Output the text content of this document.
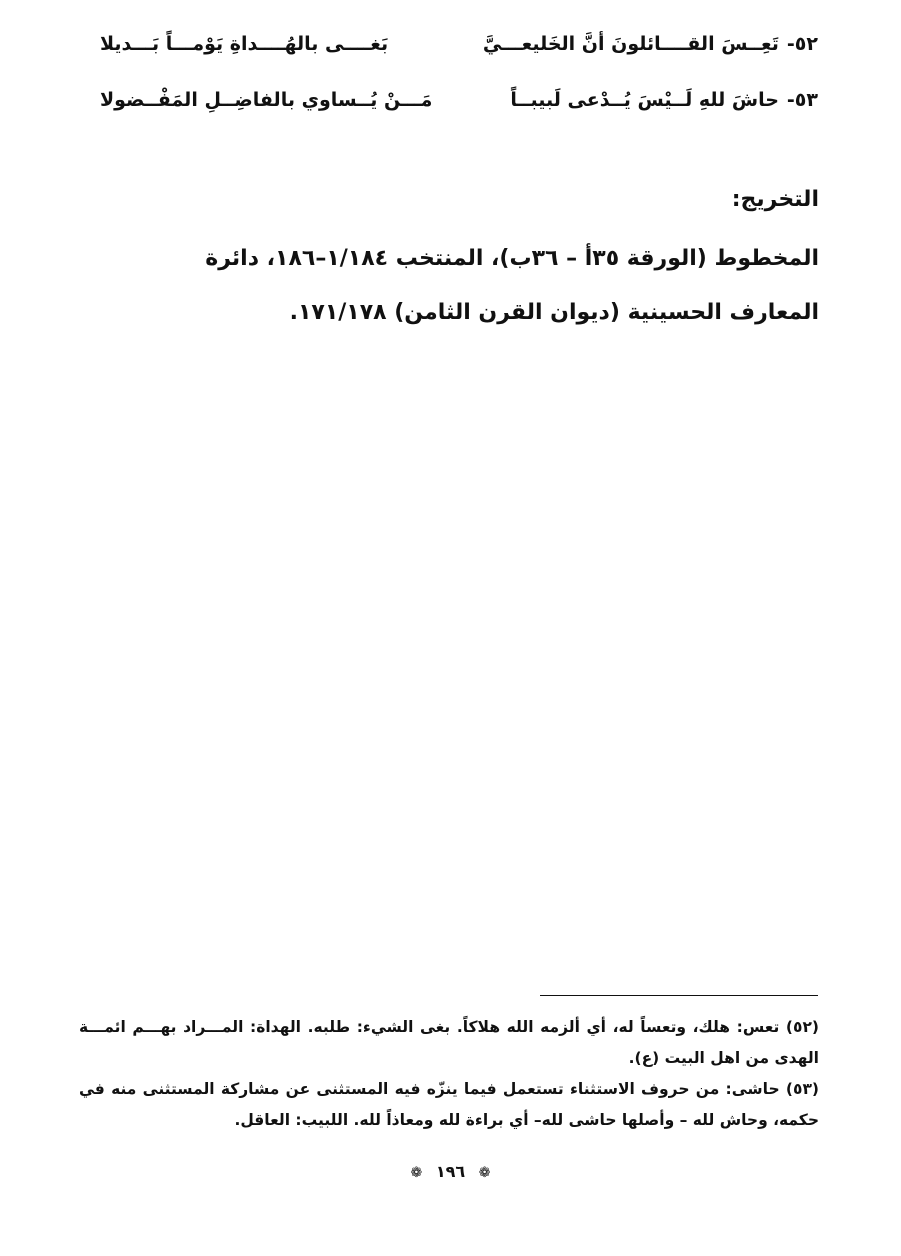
٥٢-
تَعِــسَ القــــائلونَ أنَّ الخَليعـــيَّ
بَغــــى بالهُــــداةِ يَوْمـــاً بَـــديلا
٥٣-
حاشَ للهِ لَــيْسَ يُــدْعى لَبيبــاً
مَـــنْ يُــساوي بالفاضِــلِ المَفْــضولا
التخريج:
المخطوط (الورقة ٣٥أ – ٣٦ب)، المنتخب ١/١٨٤–١٨٦، دائرة المعارف الحسينية (ديوان القرن الثامن) ١٧١/١٧٨.

(٥٢) تعس: هلك، وتعساً له، أي ألزمه الله هلاكاً. بغى الشيء: طلبه. الهداة: المـــراد بهـــم ائمـــة الهدى من اهل البيت (ع).

(٥٣) حاشى: من حروف الاستثناء تستعمل فيما ينزّه فيه المستثنى عن مشاركة المستثنى منه في حكمه، وحاش لله – وأصلها حاشى لله– أي براءة لله ومعاذاً لله. اللبيب: العاقل.

❁ ١٩٦ ❁
